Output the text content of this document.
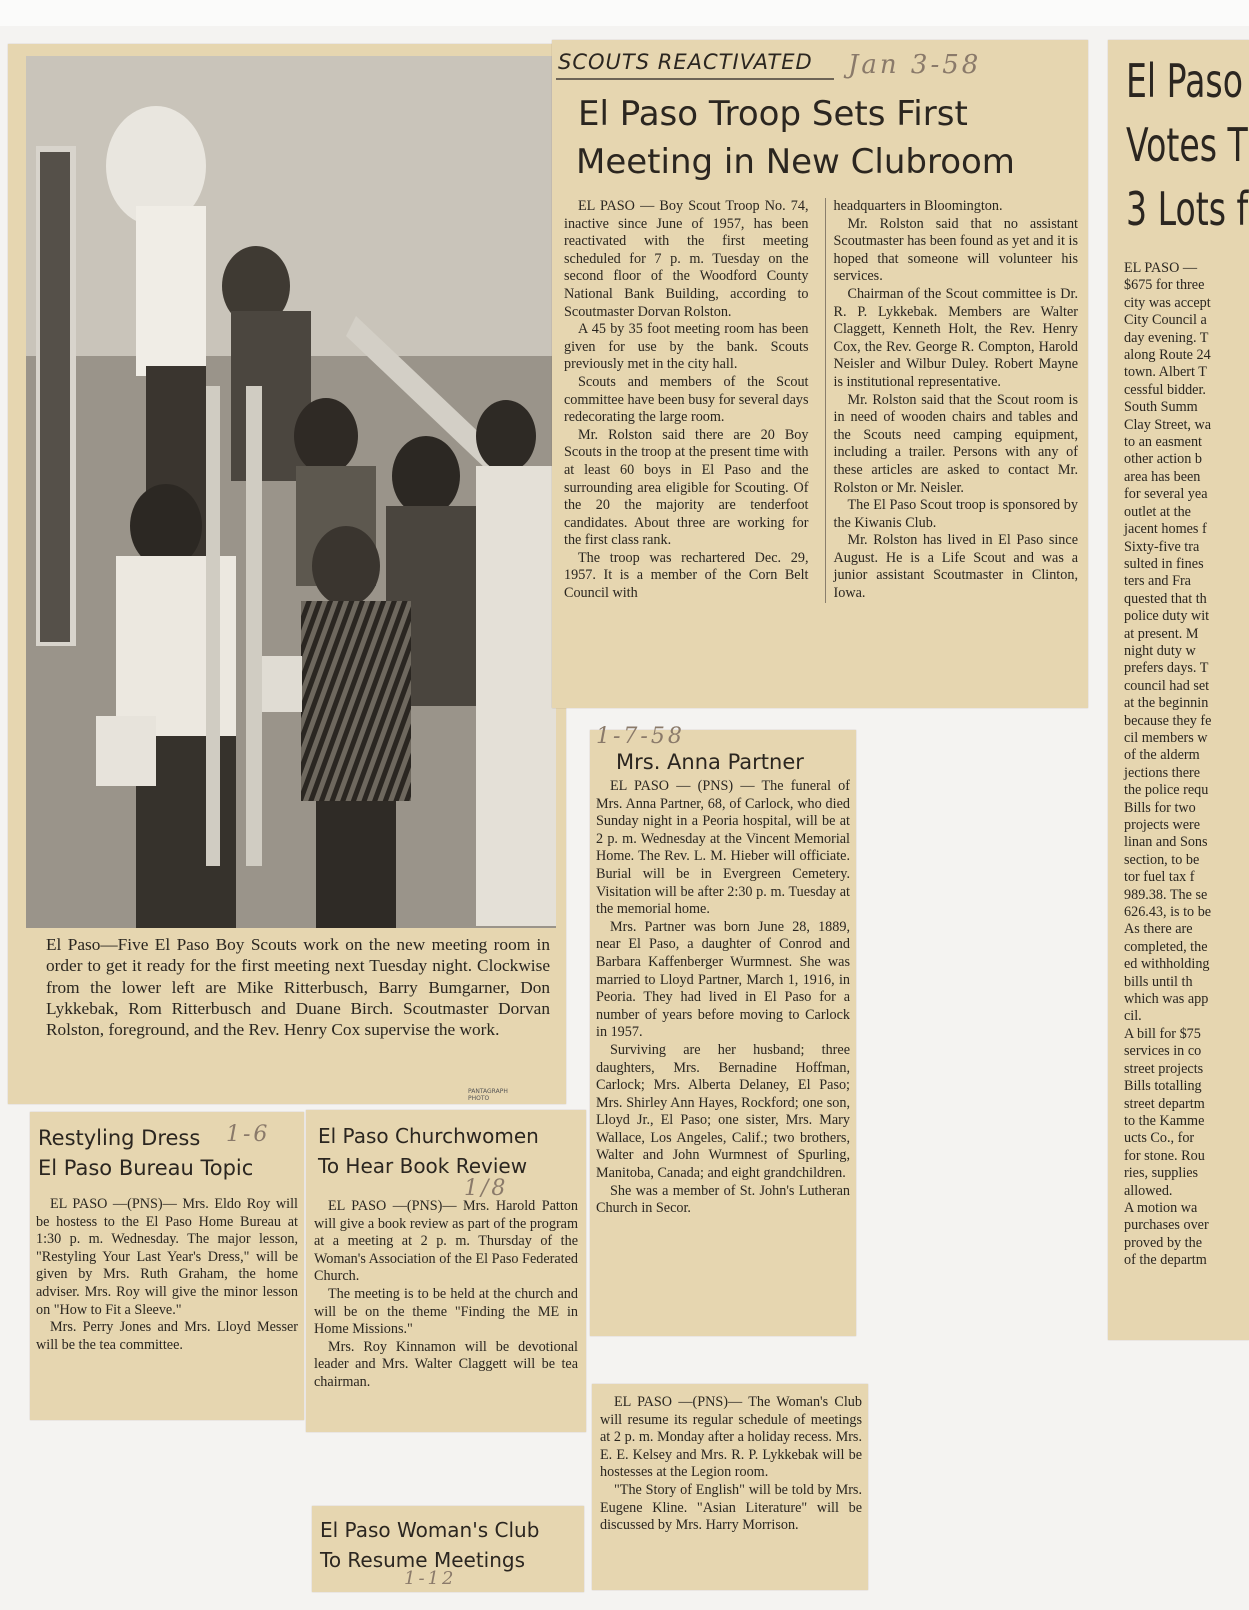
El Paso—Five El Paso Boy Scouts work on the new meeting room in order to get it ready for the first meeting next Tuesday night. Clockwise from the lower left are Mike Ritterbusch, Barry Bumgarner, Don Lykkebak, Rom Ritterbusch and Duane Birch. Scoutmaster Dorvan Rolston, foreground, and the Rev. Henry Cox supervise the work.
PANTAGRAPH PHOTO
SCOUTS REACTIVATED Jan 3-58
El Paso Troop Sets First
Meeting in New Clubroom

EL PASO — Boy Scout Troop No. 74, inactive since June of 1957, has been reactivated with the first meeting scheduled for 7 p. m. Tuesday on the second floor of the Woodford County National Bank Building, according to Scoutmaster Dorvan Rolston.

A 45 by 35 foot meeting room has been given for use by the bank. Scouts previously met in the city hall.

Scouts and members of the Scout committee have been busy for several days redecorating the large room.

Mr. Rolston said there are 20 Boy Scouts in the troop at the present time with at least 60 boys in El Paso and the surrounding area eligible for Scouting. Of the 20 the majority are tenderfoot candidates. About three are working for the first class rank.

The troop was rechartered Dec. 29, 1957. It is a member of the Corn Belt Council with

headquarters in Bloomington.

Mr. Rolston said that no assistant Scoutmaster has been found as yet and it is hoped that someone will volunteer his services.

Chairman of the Scout committee is Dr. R. P. Lykkebak. Members are Walter Claggett, Kenneth Holt, the Rev. Henry Cox, the Rev. George R. Compton, Harold Neisler and Wilbur Duley. Robert Mayne is institutional representative.

Mr. Rolston said that the Scout room is in need of wooden chairs and tables and the Scouts need camping equipment, including a trailer. Persons with any of these articles are asked to contact Mr. Rolston or Mr. Neisler.

The El Paso Scout troop is sponsored by the Kiwanis Club.

Mr. Rolston has lived in El Paso since August. He is a Life Scout and was a junior assistant Scoutmaster in Clinton, Iowa.

El Paso
Votes T
3 Lots f
EL PASO —
$675 for three
city was accept
City Council a
day evening. T
along Route 24
town. Albert T
cessful bidder.
South Summ
Clay Street, wa
to an easment
other action b
area has been
for several yea
outlet at the
jacent homes f
Sixty-five tra
sulted in fines
ters and Fra
quested that th
police duty wit
at present. M
night duty w
prefers days. T
council had set
at the beginnin
because they fe
cil members w
of the alderm
jections there
the police requ
Bills for two
projects were
linan and Sons
section, to be
tor fuel tax f
989.38. The se
626.43, is to be
As there are
completed, the
ed withholding
bills until th
which was app
cil.
A bill for $75
services in co
street projects
Bills totalling
street departm
to the Kamme
ucts Co., for
for stone. Rou
ries, supplies
allowed.
A motion wa
purchases over
proved by the
of the departm
1-7-58
Mrs. Anna Partner

EL PASO — (PNS) — The funeral of Mrs. Anna Partner, 68, of Carlock, who died Sunday night in a Peoria hospital, will be at 2 p. m. Wednesday at the Vincent Memorial Home. The Rev. L. M. Hieber will officiate. Burial will be in Evergreen Cemetery. Visitation will be after 2:30 p. m. Tuesday at the memorial home.

Mrs. Partner was born June 28, 1889, near El Paso, a daughter of Conrod and Barbara Kaffenberger Wurmnest. She was married to Lloyd Partner, March 1, 1916, in Peoria. They had lived in El Paso for a number of years before moving to Carlock in 1957.

Surviving are her husband; three daughters, Mrs. Bernadine Hoffman, Carlock; Mrs. Alberta Delaney, El Paso; Mrs. Shirley Ann Hayes, Rockford; one son, Lloyd Jr., El Paso; one sister, Mrs. Mary Wallace, Los Angeles, Calif.; two brothers, Walter and John Wurmnest of Spurling, Manitoba, Canada; and eight grandchildren.

She was a member of St. John's Lutheran Church in Secor.

Restyling Dress 1-6
El Paso Bureau Topic

EL PASO —(PNS)— Mrs. Eldo Roy will be hostess to the El Paso Home Bureau at 1:30 p. m. Wednesday. The major lesson, "Restyling Your Last Year's Dress," will be given by Mrs. Ruth Graham, the home adviser. Mrs. Roy will give the minor lesson on "How to Fit a Sleeve."

Mrs. Perry Jones and Mrs. Lloyd Messer will be the tea committee.

El Paso Churchwomen
To Hear Book Review
1/8

EL PASO —(PNS)— Mrs. Harold Patton will give a book review as part of the program at a meeting at 2 p. m. Thursday of the Woman's Association of the El Paso Federated Church.

The meeting is to be held at the church and will be on the theme "Finding the ME in Home Missions."

Mrs. Roy Kinnamon will be devotional leader and Mrs. Walter Claggett will be tea chairman.

El Paso Woman's Club
To Resume Meetings
1-12

EL PASO —(PNS)— The Woman's Club will resume its regular schedule of meetings at 2 p. m. Monday after a holiday recess. Mrs. E. E. Kelsey and Mrs. R. P. Lykkebak will be hostesses at the Legion room.

"The Story of English" will be told by Mrs. Eugene Kline. "Asian Literature" will be discussed by Mrs. Harry Morrison.
